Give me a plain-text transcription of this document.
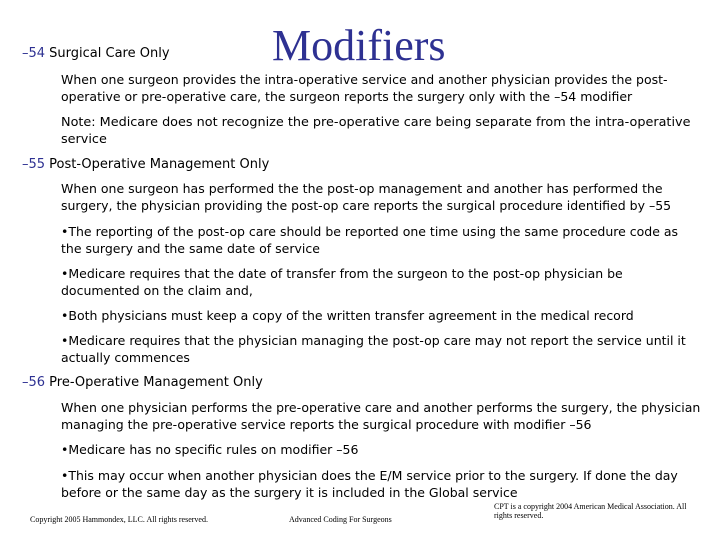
–54 Surgical Care Only Modifiers
When one surgeon provides the intra-operative service and another physician provides the post-operative or pre-operative care, the surgeon reports the surgery only with the –54 modifier
Note: Medicare does not recognize the pre-operative care being separate from the intra-operative service
–55 Post-Operative Management Only
When one surgeon has performed the the post-op management and another has performed the surgery, the physician providing the post-op care reports the surgical procedure identified by –55
•The reporting of the post-op care should be reported one time using the same procedure code as the surgery and the same date of service
•Medicare requires that the date of transfer from the surgeon to the post-op physician be documented on the claim and,
•Both physicians must keep a copy of the written transfer agreement in the medical record
•Medicare requires that the physician managing the post-op care may not report the service until it actually commences
–56 Pre-Operative Management Only
When one physician performs the pre-operative care and another performs the surgery, the physician managing the pre-operative service reports the surgical procedure with modifier –56
•Medicare has no specific rules on modifier –56
•This may occur when another physician does the E/M service prior to the surgery. If done the day before or the same day as the surgery it is included in the Global service
Copyright 2005 Hammondex, LLC. All rights reserved.	Advanced Coding For Surgeons
CPT is a copyright 2004 American Medical Association. All rights reserved.
